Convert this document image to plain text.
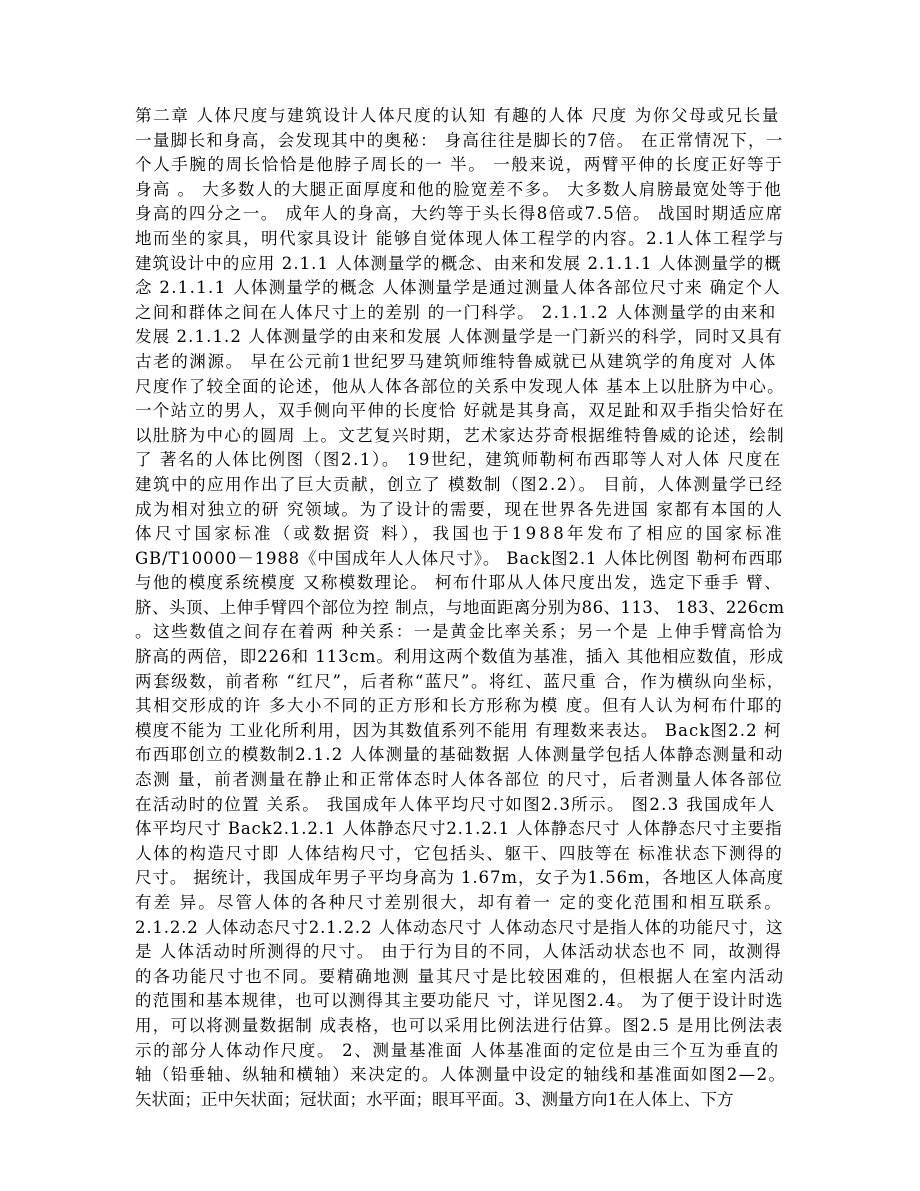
第二章 人体尺度与建筑设计人体尺度的认知 有趣的人体 尺度 为你父母或兄长量
一量脚长和身高，会发现其中的奥秘： 身高往往是脚长的7倍。 在正常情况下，一
个人手腕的周长恰恰是他脖子周长的一 半。 一般来说，两臂平伸的长度正好等于
身高 。 大多数人的大腿正面厚度和他的脸宽差不多。 大多数人肩膀最宽处等于他
身高的四分之一。 成年人的身高，大约等于头长得8倍或7.5倍。 战国时期适应席
地而坐的家具，明代家具设计 能够自觉体现人体工程学的内容。2.1人体工程学与
建筑设计中的应用 2.1.1 人体测量学的概念、由来和发展 2.1.1.1 人体测量学的概
念 2.1.1.1 人体测量学的概念 人体测量学是通过测量人体各部位尺寸来 确定个人
之间和群体之间在人体尺寸上的差别 的一门科学。 2.1.1.2 人体测量学的由来和
发展 2.1.1.2 人体测量学的由来和发展 人体测量学是一门新兴的科学，同时又具有
古老的渊源。 早在公元前1世纪罗马建筑师维特鲁威就已从建筑学的角度对 人体
尺度作了较全面的论述，他从人体各部位的关系中发现人体 基本上以肚脐为中心。
一个站立的男人，双手侧向平伸的长度恰 好就是其身高，双足趾和双手指尖恰好在
以肚脐为中心的圆周 上。文艺复兴时期，艺术家达芬奇根据维特鲁威的论述，绘制
了 著名的人体比例图（图2.1）。 19世纪，建筑师勒柯布西耶等人对人体 尺度在
建筑中的应用作出了巨大贡献，创立了 模数制（图2.2）。 目前，人体测量学已经
成为相对独立的研 究领域。为了设计的需要，现在世界各先进国 家都有本国的人
体尺寸国家标准（或数据资 料），我国也于1988年发布了相应的国家标准
GB/T10000－1988《中国成年人人体尺寸》。 Back图2.1 人体比例图 勒柯布西耶
与他的模度系统模度 又称模数理论。 柯布什耶从人体尺度出发，选定下垂手 臂、
脐、头顶、上伸手臂四个部位为控 制点，与地面距离分别为86、113、 183、226cm
。这些数值之间存在着两 种关系：一是黄金比率关系；另一个是 上伸手臂高恰为
脐高的两倍，即226和 113cm。利用这两个数值为基准，插入 其他相应数值，形成
两套级数，前者称 “红尺”，后者称“蓝尺”。将红、蓝尺重 合，作为横纵向坐标，
其相交形成的许 多大小不同的正方形和长方形称为模 度。但有人认为柯布什耶的
模度不能为 工业化所利用，因为其数值系列不能用 有理数来表达。 Back图2.2 柯
布西耶创立的模数制2.1.2 人体测量的基础数据 人体测量学包括人体静态测量和动
态测 量，前者测量在静止和正常体态时人体各部位 的尺寸，后者测量人体各部位
在活动时的位置 关系。 我国成年人体平均尺寸如图2.3所示。 图2.3 我国成年人
体平均尺寸 Back2.1.2.1 人体静态尺寸2.1.2.1 人体静态尺寸 人体静态尺寸主要指
人体的构造尺寸即 人体结构尺寸，它包括头、躯干、四肢等在 标准状态下测得的
尺寸。 据统计，我国成年男子平均身高为 1.67m，女子为1.56m，各地区人体高度
有差 异。尽管人体的各种尺寸差别很大，却有着一 定的变化范围和相互联系。
2.1.2.2 人体动态尺寸2.1.2.2 人体动态尺寸 人体动态尺寸是指人体的功能尺寸，这
是 人体活动时所测得的尺寸。 由于行为目的不同，人体活动状态也不 同，故测得
的各功能尺寸也不同。要精确地测 量其尺寸是比较困难的，但根据人在室内活动
的范围和基本规律，也可以测得其主要功能尺 寸，详见图2.4。 为了便于设计时选
用，可以将测量数据制 成表格，也可以采用比例法进行估算。图2.5 是用比例法表
示的部分人体动作尺度。 2、测量基准面 人体基准面的定位是由三个互为垂直的
轴（铅垂轴、纵轴和横轴）来决定的。人体测量中设定的轴线和基准面如图2—2。
矢状面；正中矢状面；冠状面；水平面；眼耳平面。3、测量方向1在人体上、下方
